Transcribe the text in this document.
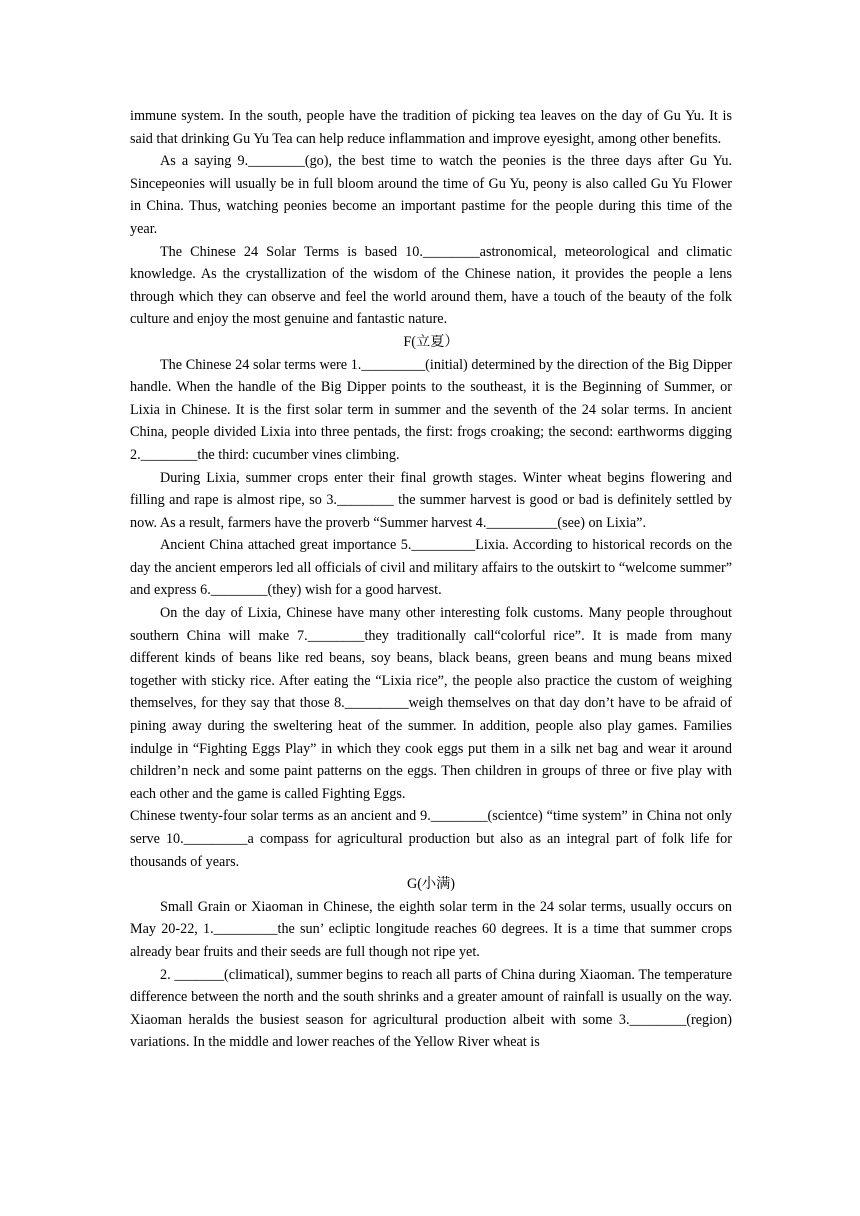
immune system. In the south, people have the tradition of picking tea leaves on the day of Gu Yu. It is said that drinking Gu Yu Tea can help reduce inflammation and improve eyesight, among other benefits.

As a saying 9.________(go), the best time to watch the peonies is the three days after Gu Yu. Sincepeonies will usually be in full bloom around the time of Gu Yu, peony is also called Gu Yu Flower in China. Thus, watching peonies become an important pastime for the people during this time of the year.

The Chinese 24 Solar Terms is based 10.________astronomical, meteorological and climatic knowledge. As the crystallization of the wisdom of the Chinese nation, it provides the people a lens through which they can observe and feel the world around them, have a touch of the beauty of the folk culture and enjoy the most genuine and fantastic nature.

F(立夏）

The Chinese 24 solar terms were 1._________(initial) determined by the direction of the Big Dipper handle. When the handle of the Big Dipper points to the southeast, it is the Beginning of Summer, or Lixia in Chinese. It is the first solar term in summer and the seventh of the 24 solar terms. In ancient China, people divided Lixia into three pentads, the first: frogs croaking; the second: earthworms digging 2.________the third: cucumber vines climbing.

During Lixia, summer crops enter their final growth stages. Winter wheat begins flowering and filling and rape is almost ripe, so 3.________ the summer harvest is good or bad is definitely settled by now. As a result, farmers have the proverb “Summer harvest 4.__________(see) on Lixia”.

Ancient China attached great importance 5._________Lixia. According to historical records on the day the ancient emperors led all officials of civil and military affairs to the outskirt to “welcome summer” and express 6.________(they) wish for a good harvest.

On the day of Lixia, Chinese have many other interesting folk customs. Many people throughout southern China will make 7.________they traditionally call“colorful rice”. It is made from many different kinds of beans like red beans, soy beans, black beans, green beans and mung beans mixed together with sticky rice. After eating the “Lixia rice”, the people also practice the custom of weighing themselves, for they say that those 8._________weigh themselves on that day don’t have to be afraid of pining away during the sweltering heat of the summer. In addition, people also play games. Families indulge in “Fighting Eggs Play” in which they cook eggs put them in a silk net bag and wear it around children’n neck and some paint patterns on the eggs. Then children in groups of three or five play with each other and the game is called Fighting Eggs.

Chinese twenty-four solar terms as an ancient and 9.________(scientce) “time system” in China not only serve 10._________a compass for agricultural production but also as an integral part of folk life for thousands of years.

G(小满)

Small Grain or Xiaoman in Chinese, the eighth solar term in the 24 solar terms, usually occurs on May 20-22, 1._________the sun’ ecliptic longitude reaches 60 degrees. It is a time that summer crops already bear fruits and their seeds are full though not ripe yet.

2. _______(climatical), summer begins to reach all parts of China during Xiaoman. The temperature difference between the north and the south shrinks and a greater amount of rainfall is usually on the way. Xiaoman heralds the busiest season for agricultural production albeit with some 3.________(region) variations. In the middle and lower reaches of the Yellow River wheat is
